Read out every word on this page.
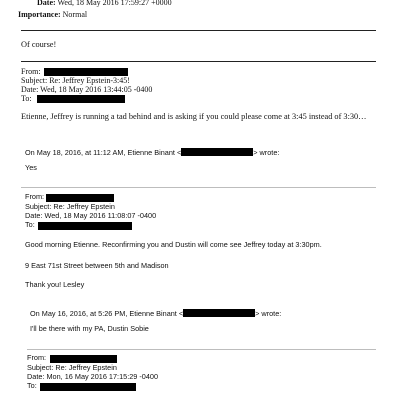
Date: Wed, 18 May 2016 17:59:27 +0000
Importance: Normal
Of course!
From:
Subject: Re: Jeffrey Epstein-3:45!
Date: Wed, 18 May 2016 13:44:05 -0400
To:
Etienne, Jeffrey is running a tad behind and is asking if you could please come at 3:45 instead of 3:30…
On May 18, 2016, at 11:12 AM, Etienne Binant <	> wrote:
Yes
From:
Subject: Re: Jeffrey Epstein
Date: Wed, 18 May 2016 11:08:07 -0400
To:
Good morning Etienne. Reconfirming you and Dustin will come see Jeffrey today at 3:30pm.
9 East 71st Street between 5th and Madison
Thank you! Lesley
On May 16, 2016, at 5:26 PM, Etienne Binant <	> wrote:
I'll be there with my PA, Dustin Sobie
From:
Subject: Re: Jeffrey Epstein
Date: Mon, 16 May 2016 17:15:29 -0400
To:
